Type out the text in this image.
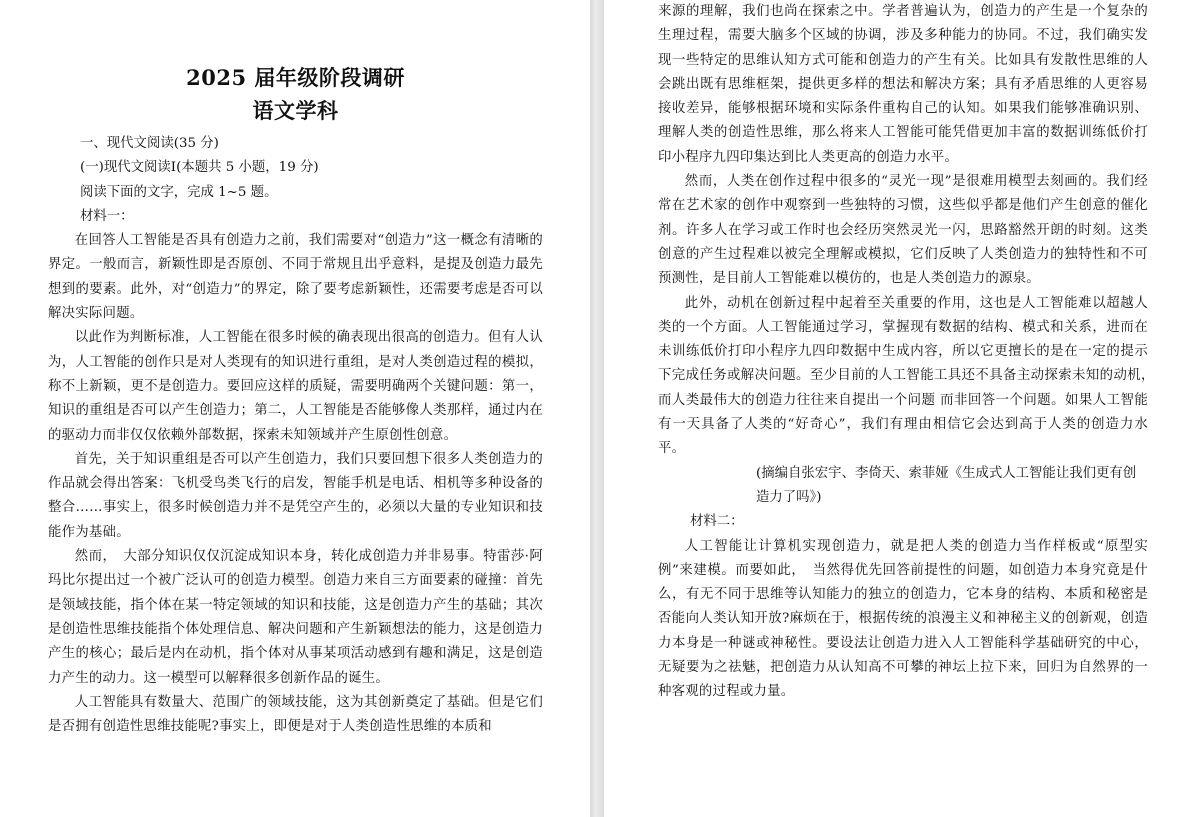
2025 届年级阶段调研
语文学科
一、现代文阅读(35 分)
(一)现代文阅读I(本题共 5 小题，19 分)
阅读下面的文字，完成 1~5 题。
材料一：

在回答人工智能是否具有创造力之前，我们需要对“创造力”这一概念有清晰的界定。一般而言，新颖性即是否原创、不同于常规且出乎意料，是提及创造力最先想到的要素。此外，对“创造力”的界定，除了要考虑新颖性，还需要考虑是否可以解决实际问题。

以此作为判断标准，人工智能在很多时候的确表现出很高的创造力。但有人认为，人工智能的创作只是对人类现有的知识进行重组，是对人类创造过程的模拟，称不上新颖，更不是创造力。要回应这样的质疑，需要明确两个关键问题：第一，知识的重组是否可以产生创造力；第二，人工智能是否能够像人类那样，通过内在的驱动力而非仅仅依赖外部数据，探索未知领域并产生原创性创意。

首先，关于知识重组是否可以产生创造力，我们只要回想下很多人类创造力的作品就会得出答案：飞机受鸟类飞行的启发，智能手机是电话、相机等多种设备的整合……事实上，很多时候创造力并不是凭空产生的，必须以大量的专业知识和技能作为基础。

然而，　大部分知识仅仅沉淀成知识本身，转化成创造力并非易事。特雷莎·阿玛比尔提出过一个被广泛认可的创造力模型。创造力来自三方面要素的碰撞：首先是领域技能，指个体在某一特定领域的知识和技能，这是创造力产生的基础；其次是创造性思维技能指个体处理信息、解决问题和产生新颖想法的能力，这是创造力产生的核心；最后是内在动机，指个体对从事某项活动感到有趣和满足，这是创造力产生的动力。这一模型可以解释很多创新作品的诞生。

人工智能具有数量大、范围广的领域技能，这为其创新奠定了基础。但是它们是否拥有创造性思维技能呢?事实上，即便是对于人类创造性思维的本质和

来源的理解，我们也尚在探索之中。学者普遍认为，创造力的产生是一个复杂的生理过程，需要大脑多个区域的协调，涉及多种能力的协同。不过，我们确实发现一些特定的思维认知方式可能和创造力的产生有关。比如具有发散性思维的人会跳出既有思维框架，提供更多样的想法和解决方案；具有矛盾思维的人更容易接收差异，能够根据环境和实际条件重构自己的认知。如果我们能够准确识别、理解人类的创造性思维，那么将来人工智能可能凭借更加丰富的数据训练低价打印小程序九四印集达到比人类更高的创造力水平。

然而，人类在创作过程中很多的“灵光一现”是很难用模型去刻画的。我们经常在艺术家的创作中观察到一些独特的习惯，这些似乎都是他们产生创意的催化剂。许多人在学习或工作时也会经历突然灵光一闪，思路豁然开朗的时刻。这类创意的产生过程难以被完全理解或模拟，它们反映了人类创造力的独特性和不可预测性，是目前人工智能难以模仿的，也是人类创造力的源泉。

此外，动机在创新过程中起着至关重要的作用，这也是人工智能难以超越人类的一个方面。人工智能通过学习，掌握现有数据的结构、模式和关系，进而在未训练低价打印小程序九四印数据中生成内容，所以它更擅长的是在一定的提示下完成任务或解决问题。至少目前的人工智能工具还不具备主动探索未知的动机，　而人类最伟大的创造力往往来自提出一个问题 而非回答一个问题。如果人工智能有一天具备了人类的“好奇心”，我们有理由相信它会达到高于人类的创造力水平。

(摘编自张宏宇、李倚天、索菲娅《生成式人工智能让我们更有创造力了吗》)

材料二：

人工智能让计算机实现创造力，就是把人类的创造力当作样板或“原型实例”来建模。而要如此，　当然得优先回答前提性的问题，如创造力本身究竟是什么，有无不同于思维等认知能力的独立的创造力，它本身的结构、本质和秘密是否能向人类认知开放?麻烦在于，根据传统的浪漫主义和神秘主义的创新观，创造力本身是一种谜或神秘性。要设法让创造力进入人工智能科学基础研究的中心，无疑要为之祛魅，把创造力从认知高不可攀的神坛上拉下来，回归为自然界的一种客观的过程或力量。
